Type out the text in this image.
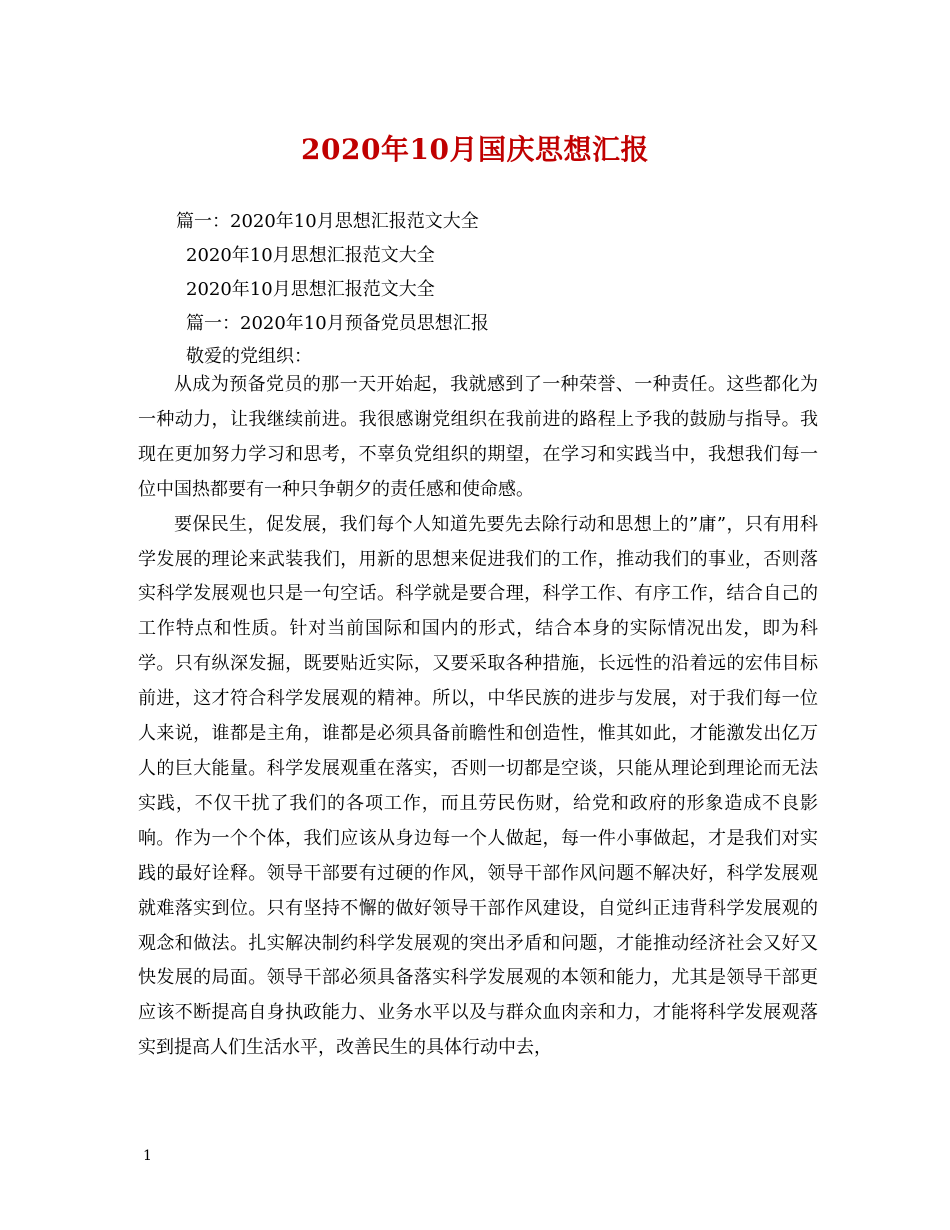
2020年10月国庆思想汇报
篇一：2020年10月思想汇报范文大全
2020年10月思想汇报范文大全
2020年10月思想汇报范文大全
篇一：2020年10月预备党员思想汇报
敬爱的党组织：

从成为预备党员的那一天开始起，我就感到了一种荣誉、一种责任。这些都化为一种动力，让我继续前进。我很感谢党组织在我前进的路程上予我的鼓励与指导。我现在更加努力学习和思考，不辜负党组织的期望，在学习和实践当中，我想我们每一位中国热都要有一种只争朝夕的责任感和使命感。

要保民生，促发展，我们每个人知道先要先去除行动和思想上的”庸”，只有用科学发展的理论来武装我们，用新的思想来促进我们的工作，推动我们的事业，否则落实科学发展观也只是一句空话。科学就是要合理，科学工作、有序工作，结合自己的工作特点和性质。针对当前国际和国内的形式，结合本身的实际情况出发，即为科学。只有纵深发掘，既要贴近实际，又要采取各种措施，长远性的沿着远的宏伟目标前进，这才符合科学发展观的精神。所以，中华民族的进步与发展，对于我们每一位人来说，谁都是主角，谁都是必须具备前瞻性和创造性，惟其如此，才能激发出亿万人的巨大能量。科学发展观重在落实，否则一切都是空谈，只能从理论到理论而无法实践，不仅干扰了我们的各项工作，而且劳民伤财，给党和政府的形象造成不良影响。作为一个个体，我们应该从身边每一个人做起，每一件小事做起，才是我们对实践的最好诠释。领导干部要有过硬的作风，领导干部作风问题不解决好，科学发展观就难落实到位。只有坚持不懈的做好领导干部作风建设，自觉纠正违背科学发展观的观念和做法。扎实解决制约科学发展观的突出矛盾和问题，才能推动经济社会又好又快发展的局面。领导干部必须具备落实科学发展观的本领和能力，尤其是领导干部更应该不断提高自身执政能力、业务水平以及与群众血肉亲和力，才能将科学发展观落实到提高人们生活水平，改善民生的具体行动中去，

1
